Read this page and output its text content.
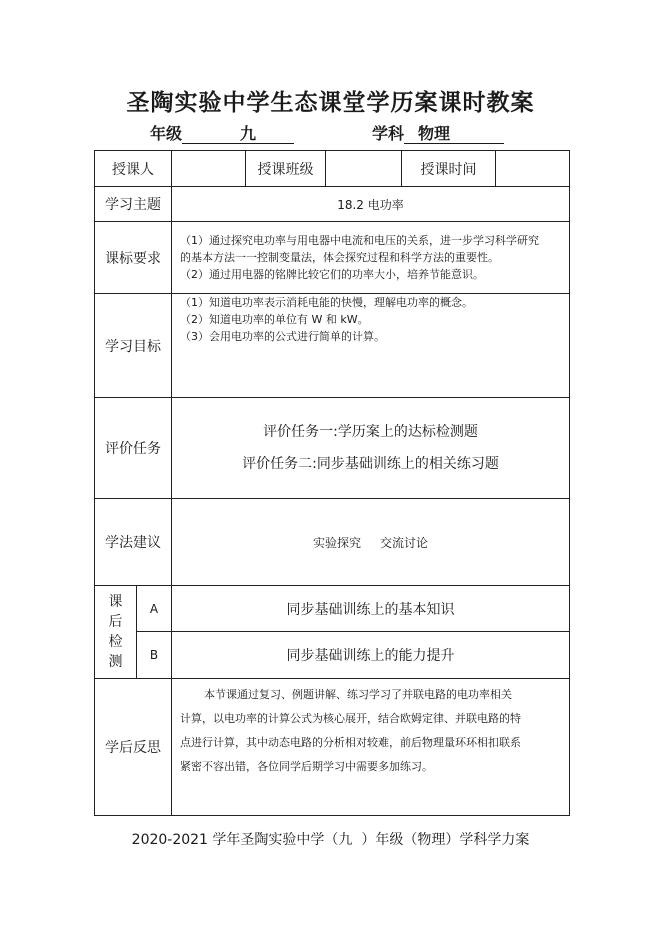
圣陶实验中学生态课堂学历案课时教案
年级	九	学科 物理
授课人			授课班级		授课时间	
学习主题		18.2 电功率				
课标要求		（1）通过探究电功率与用电器中电流和电压的关系，进一步学习科学研究
的基本方法一一控制变量法，体会探究过程和科学方法的重要性。
（2）通过用电器的铭牌比较它们的功率大小，培养节能意识。				

学习目标		（1）知道电功率表示消耗电能的快慢，理解电功率的概念。
（2）知道电功率的单位有 W 和 kW。
（3）会用电功率的公式进行简单的计算。				

评价任务		评价任务一:学历案上的达标检测题
评价任务二:同步基础训练上的相关练习题				

学法建议		实验探究     交流讨论				

课
后
检
测	A	同步基础训练上的基本知识				
	B	同步基础训练上的能力提升				
学后反思		本节课通过复习、例题讲解、练习学习了并联电路的电功率相关
计算，以电功率的计算公式为核心展开，结合欧姆定律、并联电路的特
点进行计算，其中动态电路的分析相对较难，前后物理量环环相扣联系
紧密不容出错，各位同学后期学习中需要多加练习。				
2020-2021 学年圣陶实验中学（九  ）年级（物理）学科学力案
